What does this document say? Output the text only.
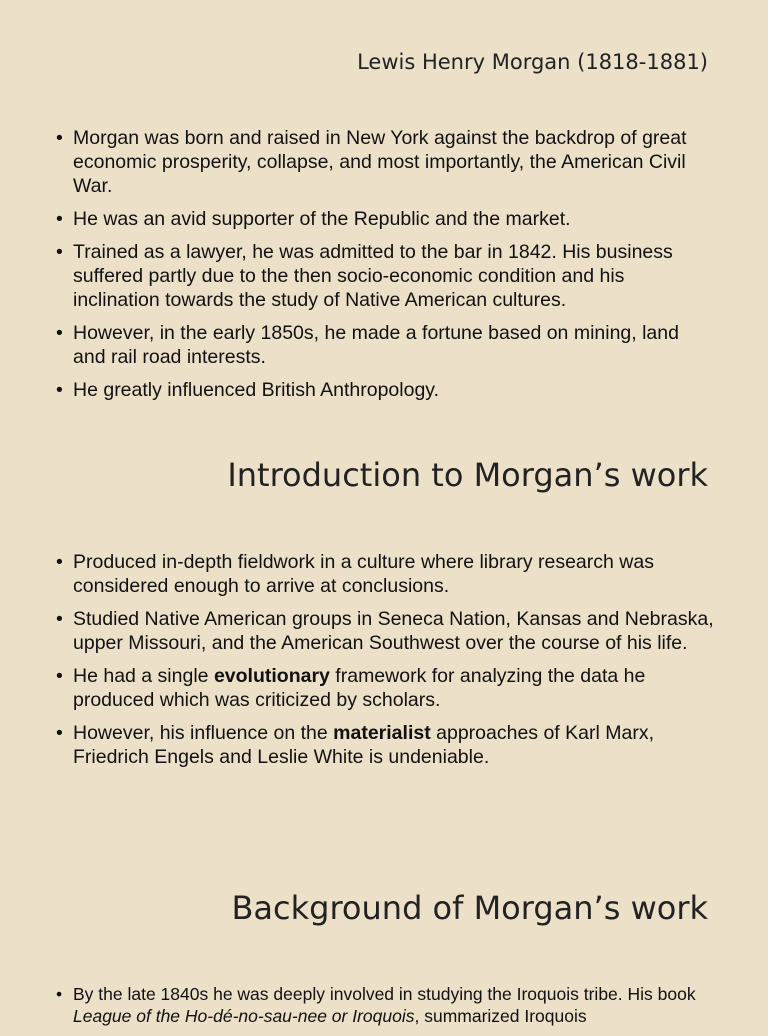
Lewis Henry Morgan (1818-1881)
• Morgan was born and raised in New York against the backdrop of great economic prosperity, collapse, and most importantly, the American Civil War.
• He was an avid supporter of the Republic and the market.
• Trained as a lawyer, he was admitted to the bar in 1842. His business suffered partly due to the then socio-economic condition and his inclination towards the study of Native American cultures.
• However, in the early 1850s, he made a fortune based on mining, land and rail road interests.
• He greatly influenced British Anthropology.
Introduction to Morgan’s work
• Produced in-depth fieldwork in a culture where library research was considered enough to arrive at conclusions.
• Studied Native American groups in Seneca Nation, Kansas and Nebraska, upper Missouri, and the American Southwest over the course of his life.
• He had a single evolutionary framework for analyzing the data he produced which was criticized by scholars.
• However, his influence on the materialist approaches of Karl Marx, Friedrich Engels and Leslie White is undeniable.
Background of Morgan’s work
• By the late 1840s he was deeply involved in studying the Iroquois tribe. His book League of the Ho-dé-no-sau-nee or Iroquois, summarized Iroquois
